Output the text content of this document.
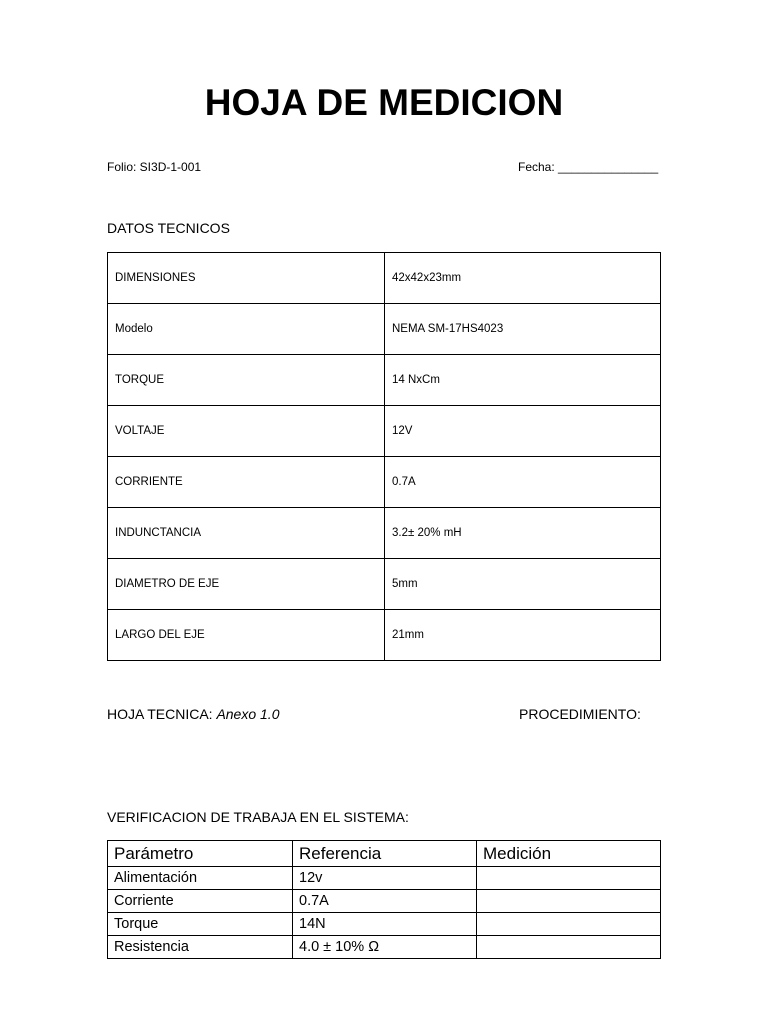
HOJA DE MEDICION
Folio: SI3D-1-001	Fecha: _______________
DATOS TECNICOS
DIMENSIONES	42x42x23mm
Modelo	NEMA SM-17HS4023
TORQUE	14 NxCm
VOLTAJE	12V
CORRIENTE	0.7A
INDUNCTANCIA	3.2± 20% mH
DIAMETRO DE EJE	5mm
LARGO DEL EJE	21mm
HOJA TECNICA: Anexo 1.0	PROCEDIMIENTO:
VERIFICACION DE TRABAJA EN EL SISTEMA:
Parámetro	Referencia	Medición
Alimentación	12v	
Corriente	0.7A	
Torque	14N	
Resistencia	4.0 ± 10% Ω	
